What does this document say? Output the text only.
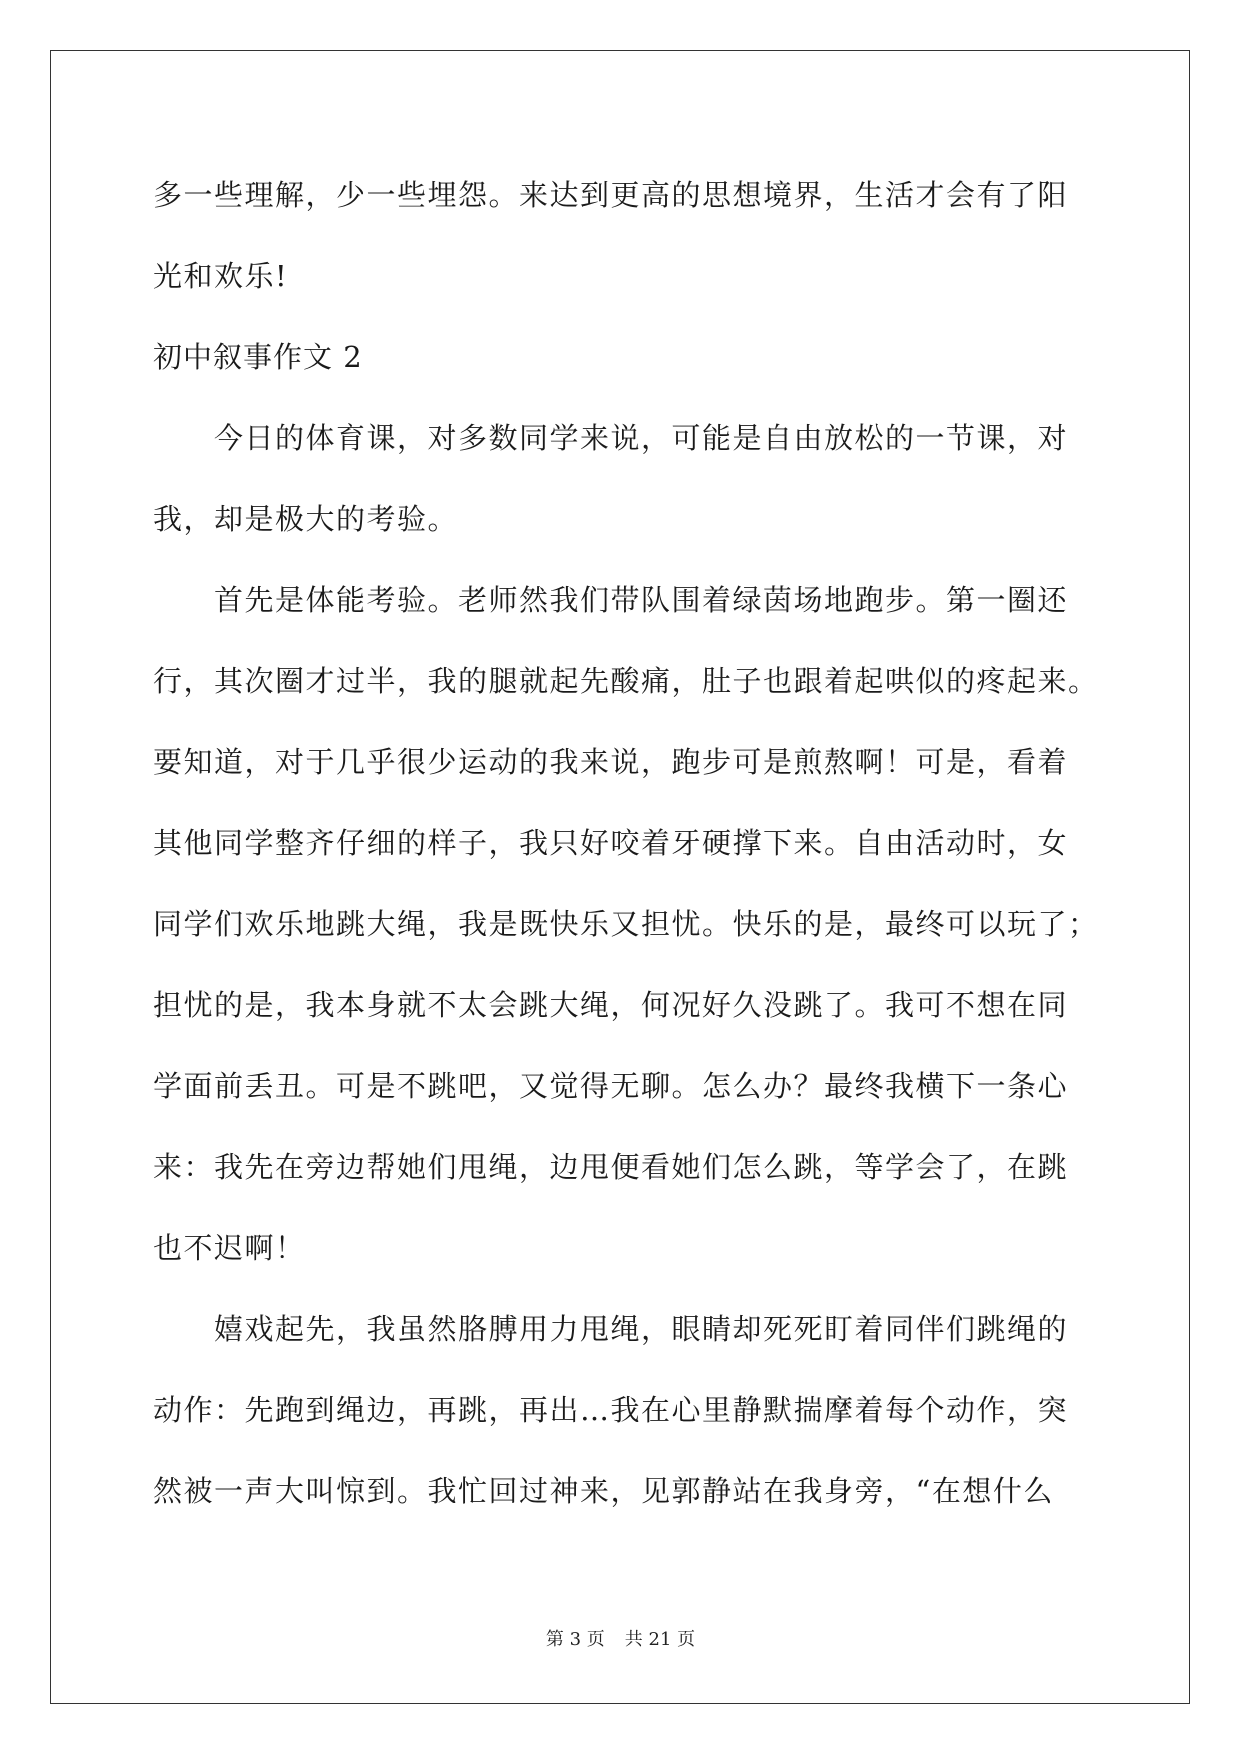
多一些理解，少一些埋怨。来达到更高的思想境界，生活才会有了阳

光和欢乐!

初中叙事作文 2

今日的体育课，对多数同学来说，可能是自由放松的一节课，对

我，却是极大的考验。

首先是体能考验。老师然我们带队围着绿茵场地跑步。第一圈还

行，其次圈才过半，我的腿就起先酸痛，肚子也跟着起哄似的疼起来。

要知道，对于几乎很少运动的我来说，跑步可是煎熬啊！可是，看着

其他同学整齐仔细的样子，我只好咬着牙硬撑下来。自由活动时，女

同学们欢乐地跳大绳，我是既快乐又担忧。快乐的是，最终可以玩了；

担忧的是，我本身就不太会跳大绳，何况好久没跳了。我可不想在同

学面前丢丑。可是不跳吧，又觉得无聊。怎么办？最终我横下一条心

来：我先在旁边帮她们甩绳，边甩便看她们怎么跳，等学会了，在跳

也不迟啊！

嬉戏起先，我虽然胳膊用力甩绳，眼睛却死死盯着同伴们跳绳的

动作：先跑到绳边，再跳，再出…我在心里静默揣摩着每个动作，突

然被一声大叫惊到。我忙回过神来，见郭静站在我身旁，“在想什么

第 3 页 共 21 页
